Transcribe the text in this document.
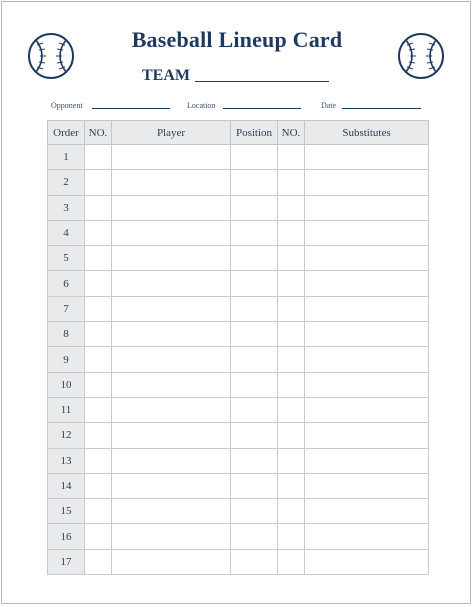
Baseball Lineup Card
TEAM
Opponent	Location	Date
Order	NO.	Player	Position	NO.	Substitutes
1					
2					
3					
4					
5					
6					
7					
8					
9					
10					
11					
12					
13					
14					
15					
16					
17					
